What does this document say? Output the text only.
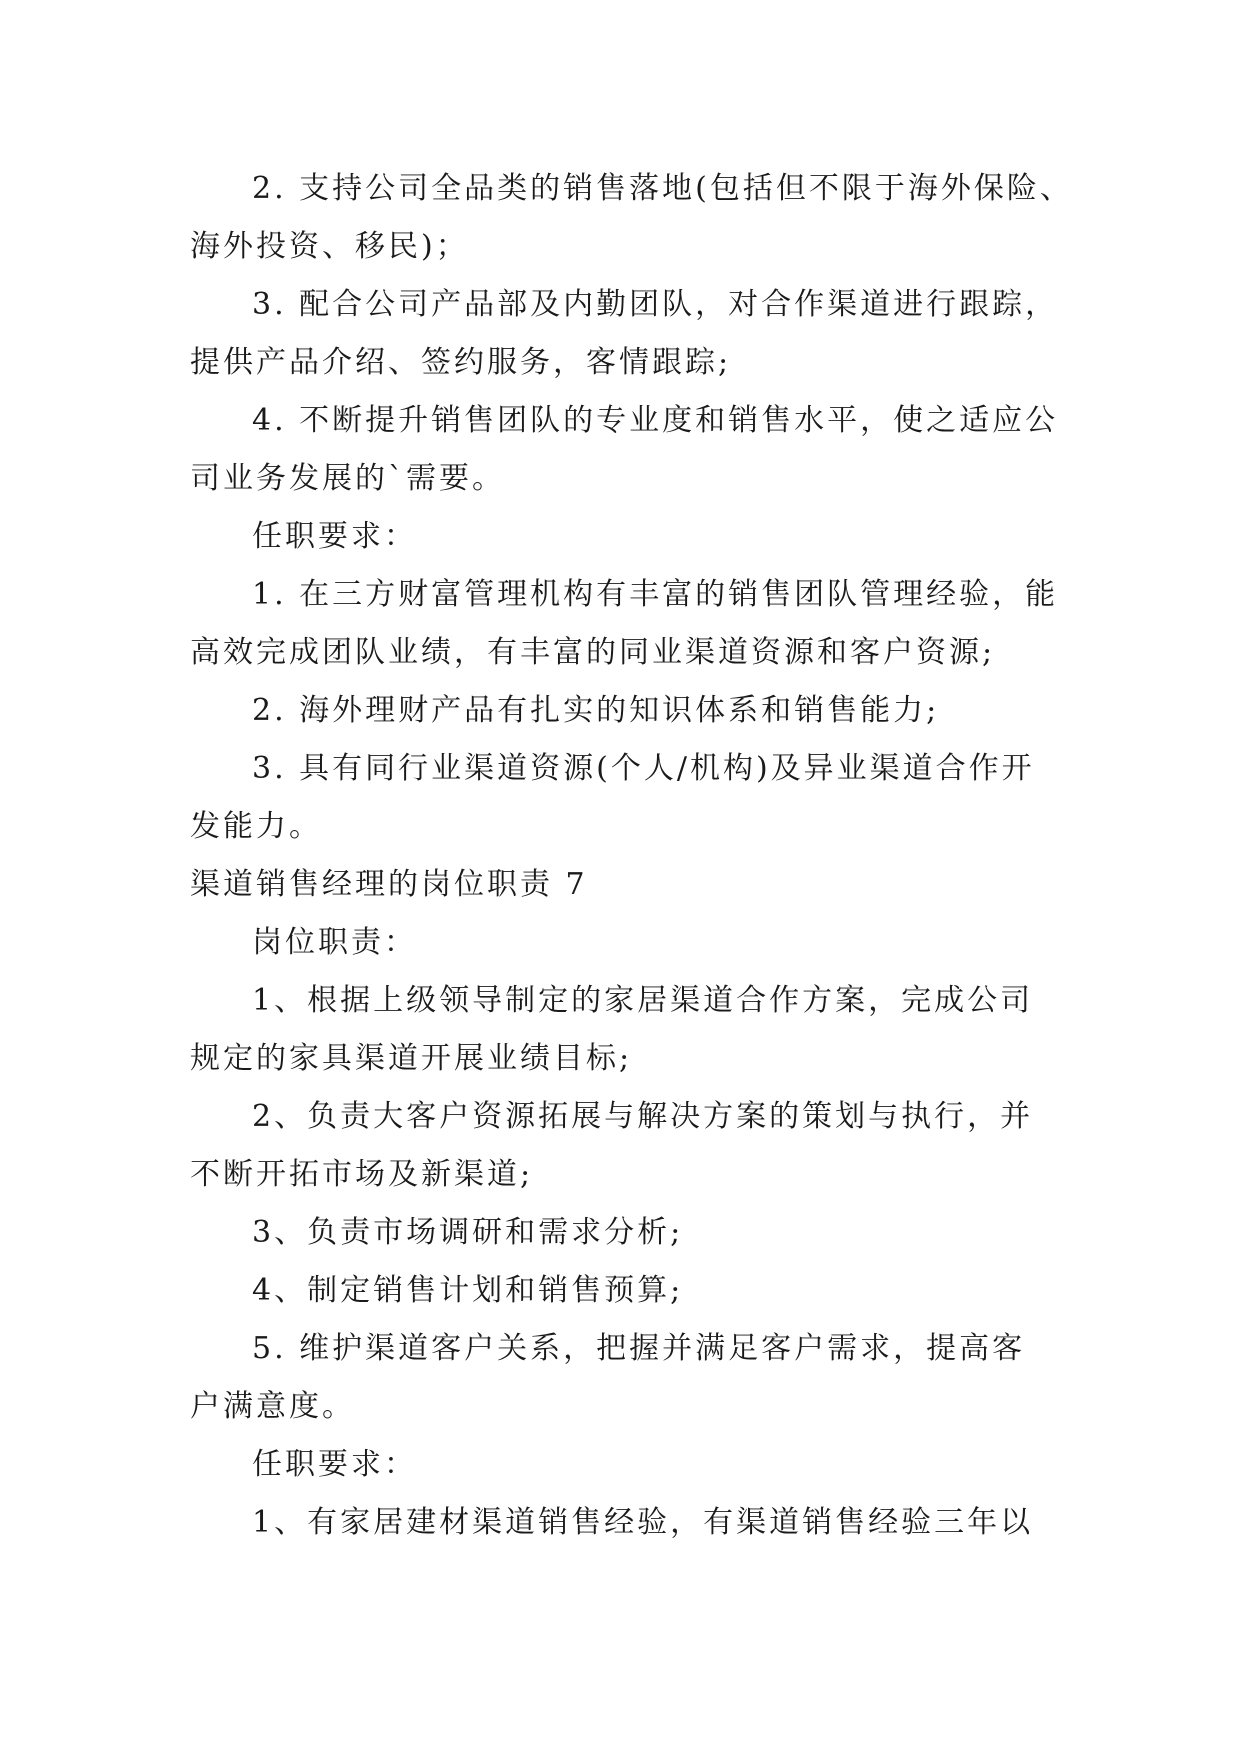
2. 支持公司全品类的销售落地(包括但不限于海外保险、
海外投资、移民)；
3. 配合公司产品部及内勤团队，对合作渠道进行跟踪，
提供产品介绍、签约服务，客情跟踪;
4. 不断提升销售团队的专业度和销售水平，使之适应公
司业务发展的`需要。
任职要求：
1. 在三方财富管理机构有丰富的销售团队管理经验，能
高效完成团队业绩，有丰富的同业渠道资源和客户资源;
2. 海外理财产品有扎实的知识体系和销售能力;
3. 具有同行业渠道资源(个人/机构)及异业渠道合作开
发能力。
渠道销售经理的岗位职责 7
岗位职责：
1、根据上级领导制定的家居渠道合作方案，完成公司
规定的家具渠道开展业绩目标;
2、负责大客户资源拓展与解决方案的策划与执行，并
不断开拓市场及新渠道;
3、负责市场调研和需求分析;
4、制定销售计划和销售预算;
5. 维护渠道客户关系，把握并满足客户需求，提高客
户满意度。
任职要求：
1、有家居建材渠道销售经验，有渠道销售经验三年以
